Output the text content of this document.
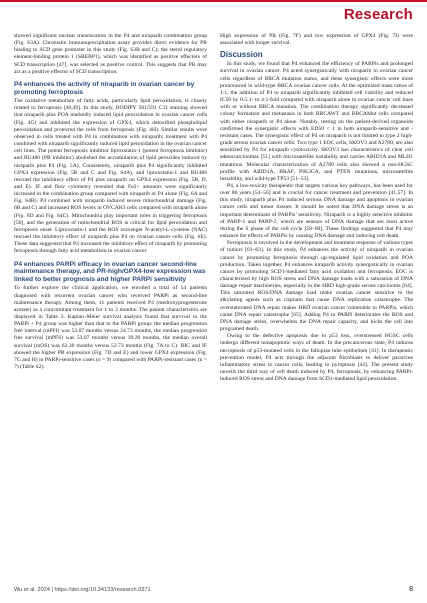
Research

showed significant nuclear translocation in the P4 and niraparib combination group (Fig. S3A). Chromatin immunoprecipitation assay provides direct evidence for PR binding to SCD gene promoter in this study (Fig. S3B and C); the sterol regulatory element-binding protein 1 (SREBP1), which was identified as positive effectors of SCD transcription [47], was selected as positive control. This suggests that PR may act as a positive effector of SCD transcription.

P4 enhances the activity of niraparib in ovarian cancer by promoting ferroptosis

The oxidative metabolism of fatty acids, particularly lipid peroxidation, is closely related to ferroptosis [48,49]. In this study, BODIPY 581/591 C11 staining showed that niraparib plus POA markedly induced lipid peroxidation in ovarian cancer cells (Fig. 4G) and inhibited the expression of GPX4, which detoxified phospholipid peroxidation and protected the cells from ferroptosis (Fig. 4H). Similar results were observed in cells treated with P4 in combination with niraparib; treatment with P4 combined with niraparib significantly induced lipid peroxidation in the ovarian cancer cell lines. The potent ferroptosis inhibitor liproxstatin-1 (potent ferroptosis inhibitor) and RU486 (PR inhibitor) abolished the accumulation of lipid peroxides induced by niraparib plus P4 (Fig. 5A). Consistently, niraparib plus P4 significantly inhibited GPX4 expression (Fig. 5B and C and Fig. S4A), and liproxstatin-1 and RU486 rescued the inhibitory effect of P4 plus niraparib on GPX4 expression (Fig. 5B, D, and E). IF and flow cytometry revealed that Fe2+ amounts were significantly increased in the combination group compared with niraparib or P4 alone (Fig. 6A and Fig. S4B). P4 combined with niraparib induced severe mitochondrial damage (Fig. 6B and C) and increased ROS levels in OVCAR3 cells compared with niraparib alone (Fig. 6D and Fig. S4C). Mitochondria play important roles in triggering ferroptosis [50], and the generation of mitochondrial ROS is critical for lipid peroxidation and ferroptosis onset. Liproxstatin-1 and the ROS scavenger N-acetyl-L-cysteine (NAC) rescued the inhibitory effect of niraparib plus P4 on ovarian cancer cells (Fig. 6E). These data suggested that P4 increased the inhibitory effect of niraparib by promoting ferroptosis through fatty acid metabolism in ovarian cancer.

P4 enhances PARPi efficacy in ovarian cancer second-line maintenance therapy, and PR-high/GPX4-low expression was linked to better prognosis and higher PARPi sensitivity

To further explore the clinical application, we enrolled a total of 54 patients diagnosed with recurrent ovarian cancer who received PARPi as second-line maintenance therapy. Among them, 11 patients received P4 (medroxyprogesterone acetate) as a concomitant treatment for 1 to 3 months. The patient characteristics are displayed in Table 3. Kaplan–Meier survival analysis found that survival in the PARPi + P4 group was higher than that in the PARPi group: the median progression free interval (mPFI) was 53.07 months versus 24.73 months, the median progression free survival (mPFS) was 53.07 months versus 39.20 months, the median overall survival (mOS) was 62.30 months versus 52.73 months (Fig. 7A to C). IHC and IF showed the higher PR expression (Fig. 7D and E) and lower GPX4 expression (Fig. 7G and H) in PARPi-sensitive cases (n = 9) compared with PARPi-resistant cases (n = 7) (Table S2).

High expression of PR (Fig. 7F) and low expression of GPX4 (Fig. 7I) were associated with longer survival.

Discussion

In this study, we found that P4 enhanced the efficiency of PARPis and prolonged survival in ovarian cancer. P4 acted synergistically with niraparib in ovarian cancer cells regardless of BRCA mutation status, and these synergistic effects were more pronounced in wild-type BRCA ovarian cancer cells. At the optimized mass ratios of 1:1, the addition of P4 to niraparib significantly inhibited cell viability and reduced IC50 by 0.5:1- to 4:1-fold compared with niraparib alone in ovarian cancer cell lines with or without BRCA mutation. The combination therapy significantly decreased colony formation and metastasis in both BRCAWT and BRCAMut cells compared with either niraparib or P4 alone. Notably, testing on the patient-derived organoids confirmed the synergistic effects with ED50 < 1 in both niraparib-sensitive and -resistant cases. The synergistic effect of P4 on niraparib is not limited to type 2 high-grade serous ovarian cancer cells. Two type 1 EOC cells, SKOV3 and A2780, are also sensitized by P4 for niraparib cytotoxicity. SKOV3 has characteristics of clear cell adenocarcinomas [51] with microsatellite instability and carries ARID1A and MLH1 mutations. Molecular characterization of A2780 cells also showed a non-HGSC profile with ARID1A, BRAF, PIK3CA, and PTEN mutations, microsatellite instability, and wild-type TP53 [51–53].

P4, a low-toxicity therapeutic that targets various key pathways, has been used for over 80 years [54–56] and is crucial for cancer treatment and prevention [41,57]. In this study, niraparib plus P4 induced serious DNA damage and apoptosis in ovarian cancer cells and tumor tissues. It should be noted that DNA damage stress is an important determinant of PARPis’ sensitivity. Niraparib is a highly selective inhibitor of PARP-1 and PARP-2, which are sensors of DNA damage that are most active during the S phase of the cell cycle [58–60]. These findings suggested that P4 may enhance the effects of PARPis by causing DNA damage and inducing cell death.

Ferroptosis is involved in the development and treatment response of various types of tumors [61–63]. In this study, P4 enhances the activity of niraparib in ovarian cancer by promoting ferroptosis through up-regulated lipid oxidation and POA production. Taken together, P4 enhances niraparib activity synergistically in ovarian cancer by promoting SCD1-mediated fatty acid oxidation and ferroptosis. EOC is characterized by high ROS stress and DNA damage loads with a saturation of DNA damage repair machineries, especially in the HRD high-grade serous carcinoma [64]. This saturated ROS/DNA damage load make ovarian cancer sensitive to the alkylating agents such as cisplatin that cause DNA replication catastrophe. The overstaturated DNA repair makes HRD ovarian cancer vulnerable to PARPis, which cause DNA repair catastrophe [65]. Adding P4 to PARPi deteriorates the ROS and DNA damage stress, overwhelms the DNA repair capacity, and kicks the cell into programed death.

Owing to the defective apoptosis due to p53 loss, overstressed HGSC cells undergo different nonapoptotic ways of death. In the precancerous state, P4 induces necroptosis of p53-mutated cells in the fallopian tube epithelium [41]. In therapeutic prevention model, P4 acts through the adjacent fibroblasts to deliver paracrine inflammatory stress to cancer cells, leading to pyroptosis [42]. The present study unveils the third way of cell death induced by P4, ferroptosis, by enhancing PARPi-induced ROS stress and DNA damage from SCD1-mediated lipid peroxidation.

Wu et al. 2024 | https://doi.org/10.34133/research.0371	8
